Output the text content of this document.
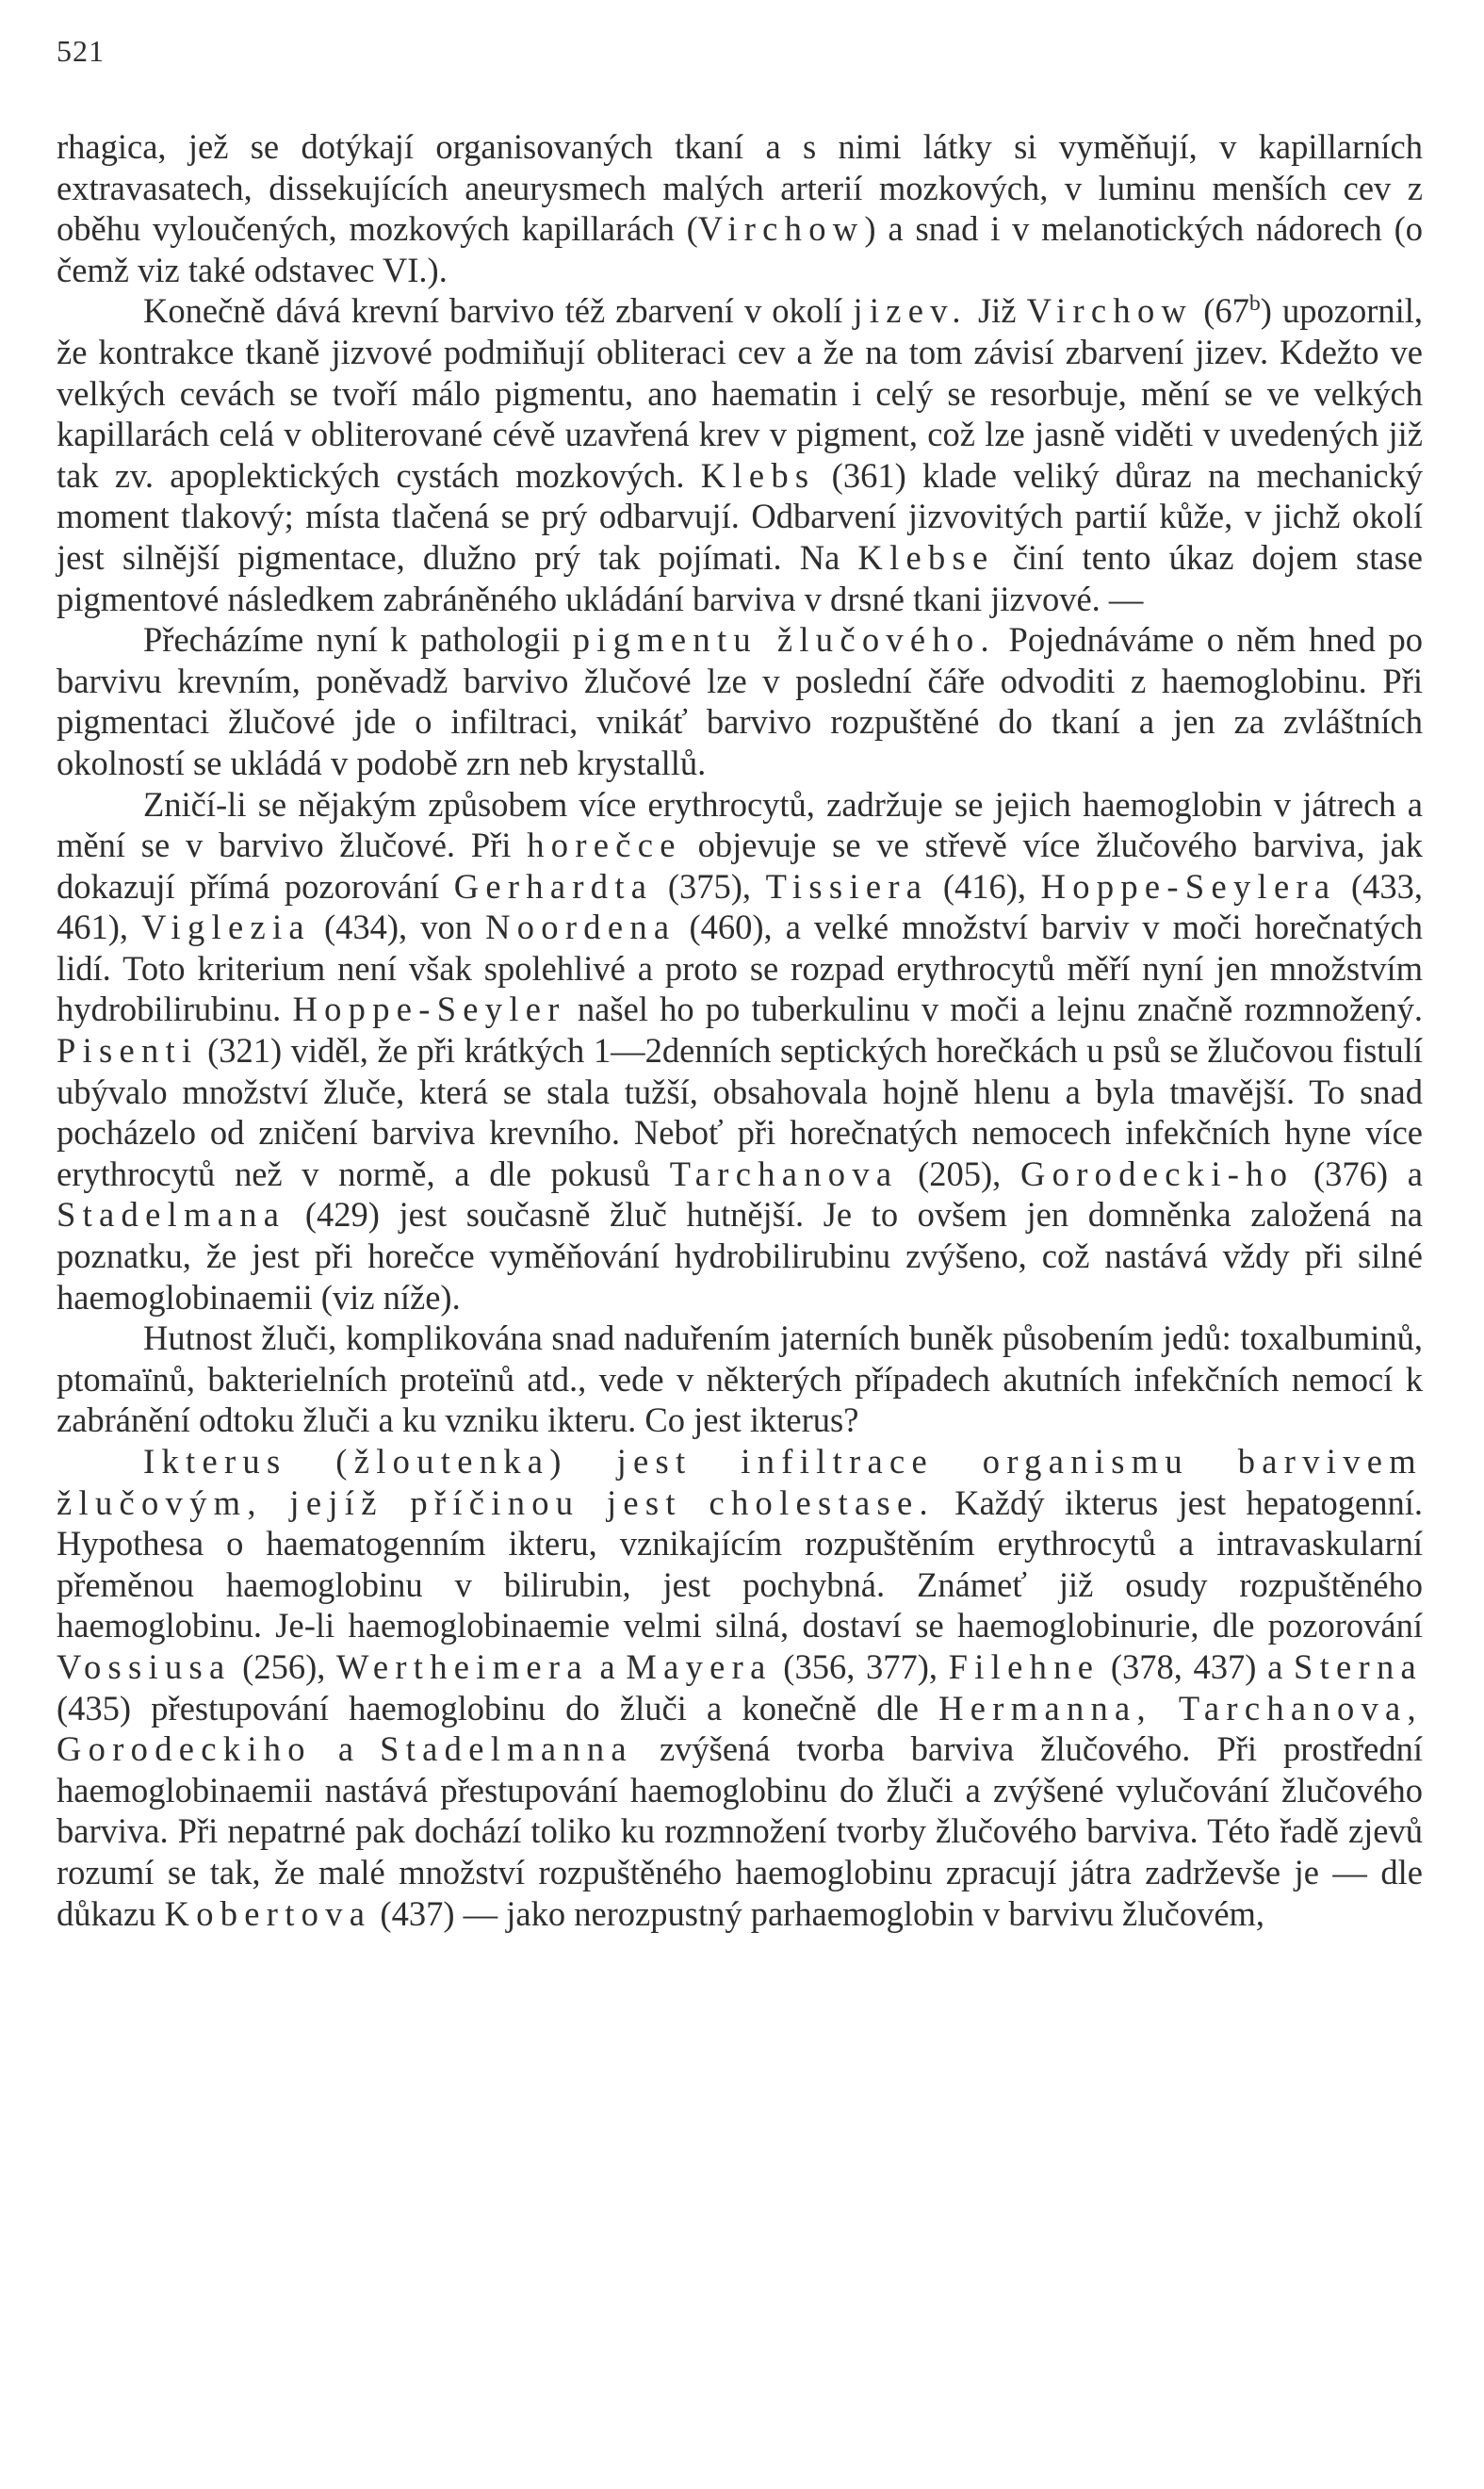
521

rhagica, jež se dotýkají organisovaných tkaní a s nimi látky si vyměňují, v kapillarních extravasatech, dissekujících aneurysmech malých arterií mozkových, v luminu menších cev z oběhu vyloučených, mozkových kapillarách (Virchow) a snad i v melanotických nádorech (o čemž viz také odstavec VI.).

Konečně dává krevní barvivo též zbarvení v okolí jizev. Již Virchow (67$^b$) upozornil, že kontrakce tkaně jizvové podmiňují obliteraci cev a že na tom závisí zbarvení jizev. Kdežto ve velkých cevách se tvoří málo pigmentu, ano haematin i celý se resorbuje, mění se ve velkých kapillarách celá v obliterované cévě uzavřená krev v pigment, což lze jasně viděti v uvedených již tak zv. apoplektických cystách mozkových. Klebs (361) klade veliký důraz na mechanický moment tlakový; místa tlačená se prý odbarvují. Odbarvení jizvovitých partií kůže, v jichž okolí jest silnější pigmentace, dlužno prý tak pojímati. Na Klebse činí tento úkaz dojem stase pigmentové následkem zabráněného ukládání barviva v drsné tkani jizvové. —

Přecházíme nyní k pathologii pigmentu žlučového. Pojednáváme o něm hned po barvivu krevním, poněvadž barvivo žlučové lze v poslední čáře odvoditi z haemoglobinu. Při pigmentaci žlučové jde o infiltraci, vnikáť barvivo rozpuštěné do tkaní a jen za zvláštních okolností se ukládá v podobě zrn neb krystallů.

Zničí-li se nějakým způsobem více erythrocytů, zadržuje se jejich haemoglobin v játrech a mění se v barvivo žlučové. Při horečce objevuje se ve střevě více žlučového barviva, jak dokazují přímá pozorování Gerhardta (375), Tissiera (416), Hoppe-Seylera (433, 461), Viglezia (434), von Noordena (460), a velké množství barviv v moči horečnatých lidí. Toto kriterium není však spolehlivé a proto se rozpad erythrocytů měří nyní jen množstvím hydrobilirubinu. Hoppe-Seyler našel ho po tuberkulinu v moči a lejnu značně rozmnožený. Pisenti (321) viděl, že při krátkých 1—2denních septických horečkách u psů se žlučovou fistulí ubývalo množství žluče, která se stala tužší, obsahovala hojně hlenu a byla tmavější. To snad pocházelo od zničení barviva krevního. Neboť při horečnatých nemocech infekčních hyne více erythrocytů než v normě, a dle pokusů Tarchanova (205), Gorodecki-ho (376) a Stadelmana (429) jest současně žluč hutnější. Je to ovšem jen domněnka založená na poznatku, že jest při horečce vyměňování hydrobilirubinu zvýšeno, což nastává vždy při silné haemoglobinaemii (viz níže).

Hutnost žluči, komplikována snad naduřením jaterních buněk působením jedů: toxalbuminů, ptomaïnů, bakterielních proteïnů atd., vede v některých případech akutních infekčních nemocí k zabránění odtoku žluči a ku vzniku ikteru. Co jest ikterus?

Ikterus (žloutenka) jest infiltrace organismu barvivem žlučovým, jejíž příčinou jest cholestase. Každý ikterus jest hepatogenní. Hypothesa o haematogenním ikteru, vznikajícím rozpuštěním erythrocytů a intravaskularní přeměnou haemoglobinu v bilirubin, jest pochybná. Známeť již osudy rozpuštěného haemoglobinu. Je-li haemoglobinaemie velmi silná, dostaví se haemoglobinurie, dle pozorování Vossiusa (256), Wertheimera a Mayera (356, 377), Filehne (378, 437) a Sterna (435) přestupování haemoglobinu do žluči a konečně dle Hermanna, Tarchanova, Gorodeckiho a Stadelmanna zvýšená tvorba barviva žlučového. Při prostřední haemoglobinaemii nastává přestupování haemoglobinu do žluči a zvýšené vylučování žlučového barviva. Při nepatrné pak dochází toliko ku rozmnožení tvorby žlučového barviva. Této řadě zjevů rozumí se tak, že malé množství rozpuštěného haemoglobinu zpracují játra zadrževše je — dle důkazu Kobertova (437) — jako nerozpustný parhaemoglobin v barvivu žlučovém,
